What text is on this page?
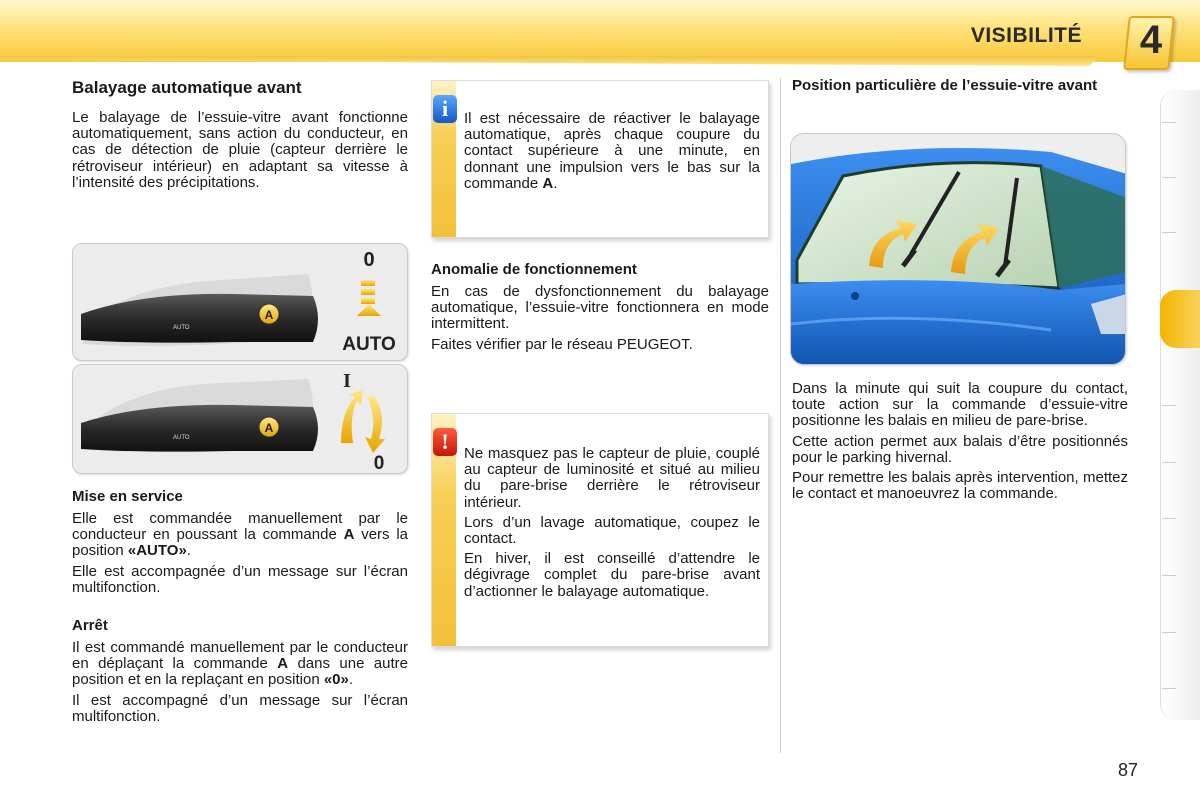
VISIBILITÉ 4
Balayage automatique avant

Le balayage de l’essuie-vitre avant fonctionne automatiquement, sans action du conducteur, en cas de détection de pluie (capteur derrière le rétroviseur intérieur) en adaptant sa vitesse à l’intensité des précipitations.

A
AUTO
0
AUTO
A
AUTO
I
0
Mise en service

Elle est commandée manuellement par le conducteur en poussant la commande A vers la position «AUTO».

Elle est accompagnée d’un message sur l’écran multifonction.

Arrêt

Il est commandé manuellement par le conducteur en déplaçant la commande A dans une autre position et en la replaçant en position «0».

Il est accompagné d’un message sur l’écran multifonction.

i	Il est nécessaire de réactiver le balayage automatique, après chaque coupure du contact supérieure à une minute, en donnant une impulsion vers le bas sur la commande A.

Anomalie de fonctionnement

En cas de dysfonctionnement du balayage automatique, l’essuie-vitre fonctionnera en mode intermittent.

Faites vérifier par le réseau PEUGEOT.

!	Ne masquez pas le capteur de pluie, couplé au capteur de luminosité et situé au milieu du pare-brise derrière le rétroviseur intérieur.

Lors d’un lavage automatique, coupez le contact.

En hiver, il est conseillé d’attendre le dégivrage complet du pare-brise avant d’actionner le balayage automatique.

Position particulière de l’essuie-vitre avant

Dans la minute qui suit la coupure du contact, toute action sur la commande d’essuie-vitre positionne les balais en milieu de pare-brise.

Cette action permet aux balais d’être positionnés pour le parking hivernal.

Pour remettre les balais après intervention, mettez le contact et manoeuvrez la commande.

87
